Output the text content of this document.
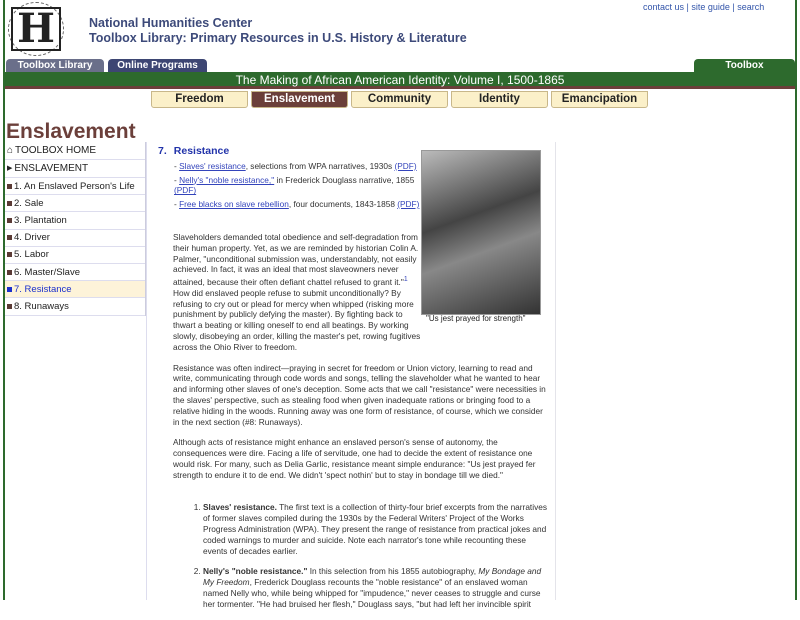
H	National Humanities Center
Toolbox Library: Primary Resources in U.S. History & Literature
contact us | site guide | search
Toolbox Library	Online Programs	Toolbox
The Making of African American Identity: Volume I, 1500-1865
Freedom	Enslavement	Community	Identity	Emancipation
Enslavement
⌂ TOOLBOX HOME
▶ ENSLAVEMENT
1. An Enslaved Person's Life
2. Sale
3. Plantation
4. Driver
5. Labor
6. Master/Slave
7. Resistance
8. Runaways
"Us jest prayed for strength"
7. Resistance
- Slaves' resistance, selections from WPA narratives, 1930s (PDF)
- Nelly's "noble resistance," in Frederick Douglass narrative, 1855 (PDF)
- Free blacks on slave rebellion, four documents, 1843-1858 (PDF)

Slaveholders demanded total obedience and self-degradation from their human property. Yet, as we are reminded by historian Colin A. Palmer, "unconditional submission was, understandably, not easily achieved. In fact, it was an ideal that most slaveowners never attained, because their often defiant chattel refused to grant it."$^1$ How did enslaved people refuse to submit unconditionally? By refusing to cry out or plead for mercy when whipped (risking more punishment by publicly defying the master). By fighting back to thwart a beating or killing oneself to end all beatings. By working slowly, disobeying an order, killing the master's pet, rowing fugitives across the Ohio River to freedom.

Resistance was often indirect—praying in secret for freedom or Union victory, learning to read and write, communicating through code words and songs, telling the slaveholder what he wanted to hear and informing other slaves of one's deception. Some acts that we call "resistance" were necessities in the slaves' perspective, such as stealing food when given inadequate rations or bringing food to a relative hiding in the woods. Running away was one form of resistance, of course, which we consider in the next section (#8: Runaways).

Although acts of resistance might enhance an enslaved person's sense of autonomy, the consequences were dire. Facing a life of servitude, one had to decide the extent of resistance one would risk. For many, such as Delia Garlic, resistance meant simple endurance: "Us jest prayed fer strength to endure it to de end. We didn't 'spect nothin' but to stay in bondage till we died."

1. Slaves' resistance. The first text is a collection of thirty-four brief excerpts from the narratives of former slaves compiled during the 1930s by the Federal Writers' Project of the Works Progress Administration (WPA). They present the range of resistance from practical jokes and coded warnings to murder and suicide. Note each narrator's tone while recounting these events of decades earlier.
2. Nelly's "noble resistance." In this selection from his 1855 autobiography, My Bondage and My Freedom, Frederick Douglass recounts the "noble resistance" of an enslaved woman named Nelly who, while being whipped for "impudence," never ceases to struggle and curse her tormenter. "He had bruised her flesh," Douglass says, "but had left her invincible spirit
